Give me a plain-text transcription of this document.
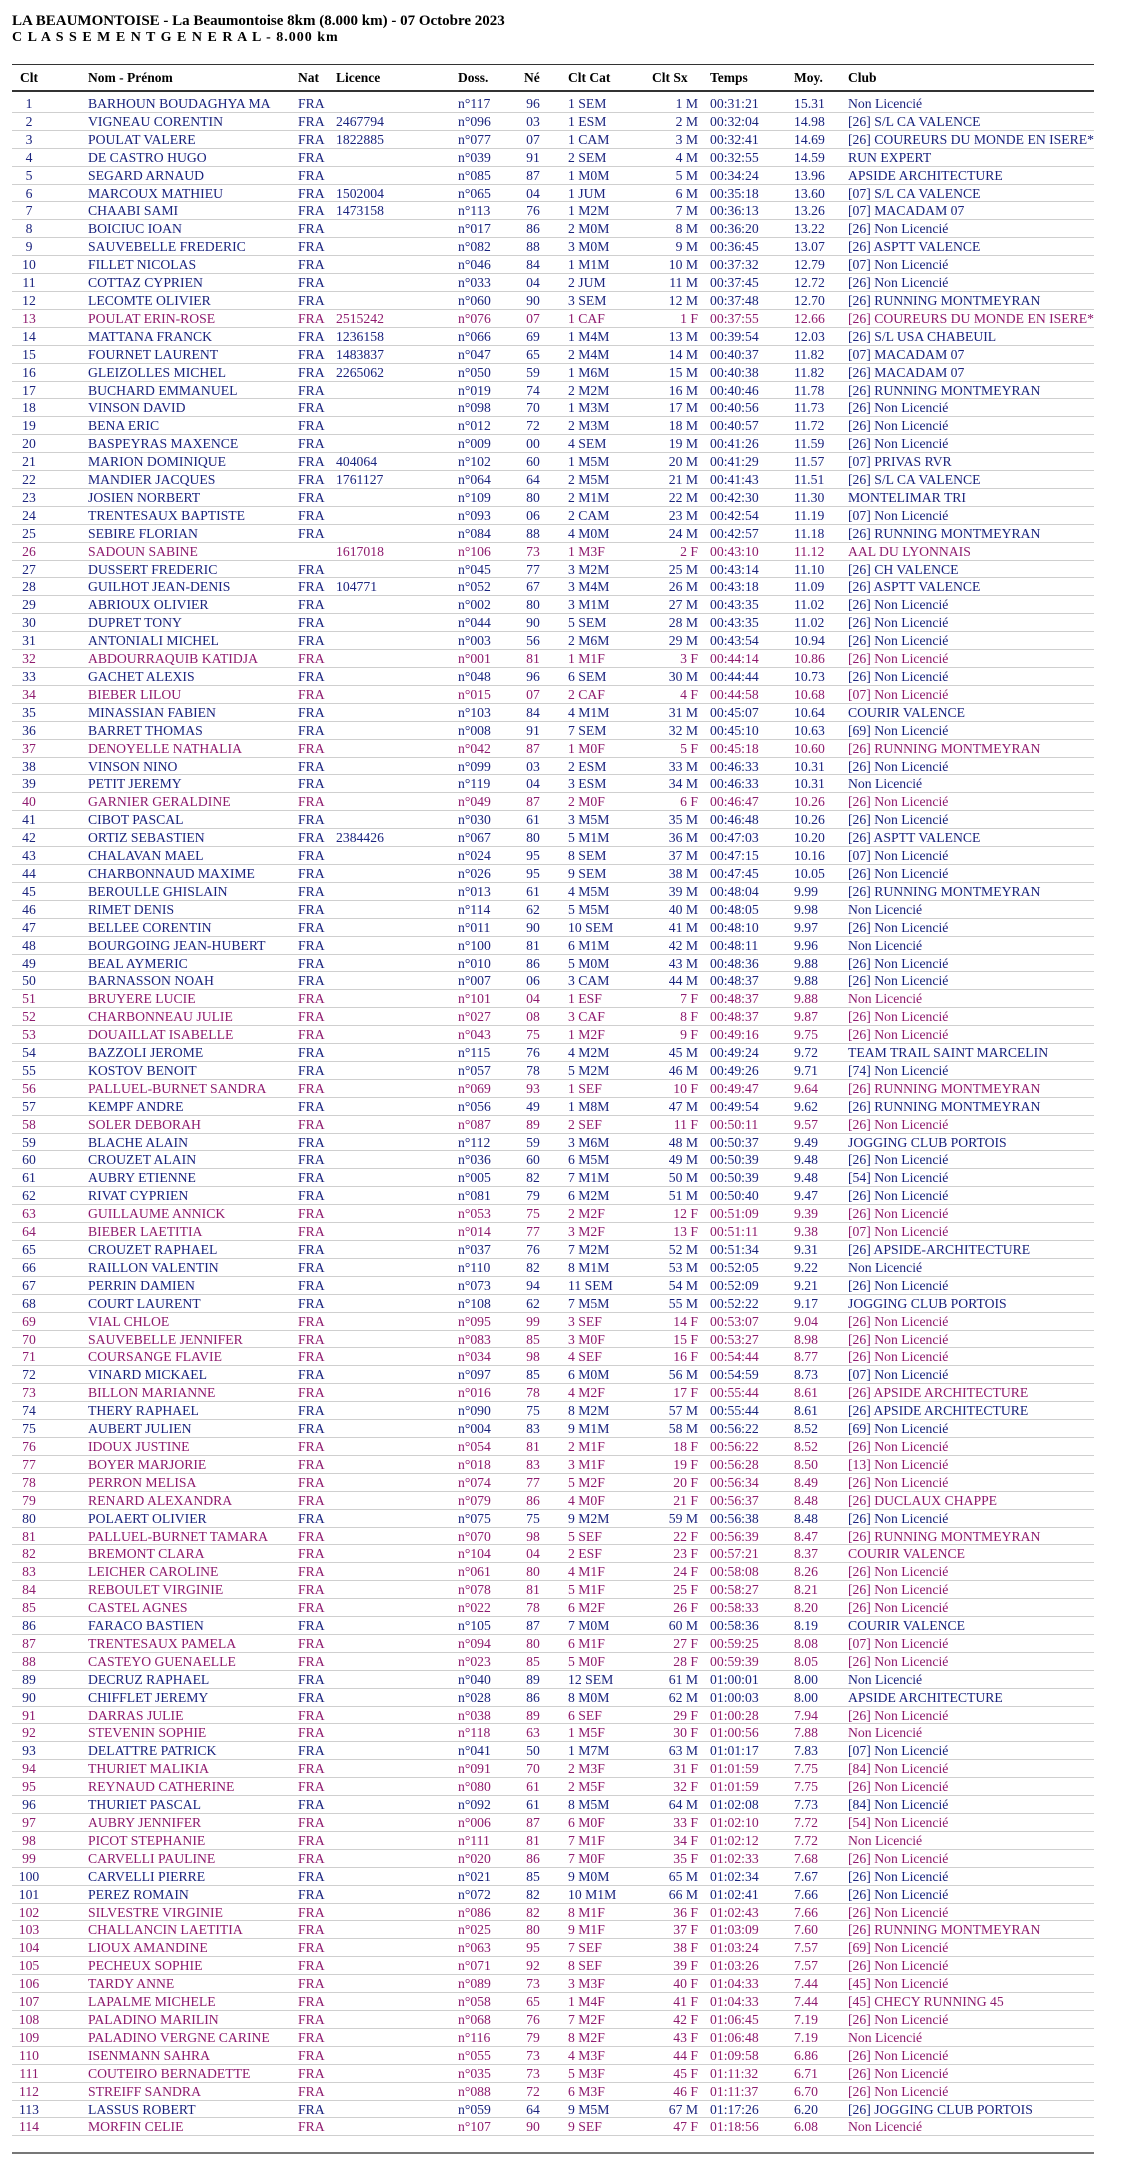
LA BEAUMONTOISE - La Beaumontoise 8km (8.000 km) - 07 Octobre 2023
C L A S S E M E N T G E N E R A L - 8.000 km
Clt	Nom - Prénom	Nat Licence	Doss.	Né Clt Cat	Clt Sx Temps	Moy. Club
1	BARHOUN BOUDAGHYA MA	FRA	n°117	96	1 SEM	1 M 00:31:21	15.31	Non Licencié
2	VIGNEAU CORENTIN	FRA 2467794	n°096	03	1 ESM	2 M 00:32:04	14.98	[26] S/L CA VALENCE
3	POULAT VALERE	FRA 1822885	n°077	07	1 CAM	3 M 00:32:41	14.69	[26] COUREURS DU MONDE EN ISERE*
4	DE CASTRO HUGO	FRA	n°039	91	2 SEM	4 M 00:32:55	14.59	RUN EXPERT
5	SEGARD ARNAUD	FRA	n°085	87	1 M0M	5 M 00:34:24	13.96	APSIDE ARCHITECTURE
6	MARCOUX MATHIEU	FRA 1502004	n°065	04	1 JUM	6 M 00:35:18	13.60	[07] S/L CA VALENCE
7	CHAABI SAMI	FRA 1473158	n°113	76	1 M2M	7 M 00:36:13	13.26	[07] MACADAM 07
8	BOICIUC IOAN	FRA	n°017	86	2 M0M	8 M 00:36:20	13.22	[26] Non Licencié
9	SAUVEBELLE FREDERIC	FRA	n°082	88	3 M0M	9 M 00:36:45	13.07	[26] ASPTT VALENCE
10	FILLET NICOLAS	FRA	n°046	84	1 M1M	10 M 00:37:32	12.79	[07] Non Licencié
11	COTTAZ CYPRIEN	FRA	n°033	04	2 JUM	11 M 00:37:45	12.72	[26] Non Licencié
12	LECOMTE OLIVIER	FRA	n°060	90	3 SEM	12 M 00:37:48	12.70	[26] RUNNING MONTMEYRAN
13	POULAT ERIN-ROSE	FRA 2515242	n°076	07	1 CAF	1 F 00:37:55	12.66	[26] COUREURS DU MONDE EN ISERE*
14	MATTANA FRANCK	FRA 1236158	n°066	69	1 M4M	13 M 00:39:54	12.03	[26] S/L USA CHABEUIL
15	FOURNET LAURENT	FRA 1483837	n°047	65	2 M4M	14 M 00:40:37	11.82	[07] MACADAM 07
16	GLEIZOLLES MICHEL	FRA 2265062	n°050	59	1 M6M	15 M 00:40:38	11.82	[26] MACADAM 07
17	BUCHARD EMMANUEL	FRA	n°019	74	2 M2M	16 M 00:40:46	11.78	[26] RUNNING MONTMEYRAN
18	VINSON DAVID	FRA	n°098	70	1 M3M	17 M 00:40:56	11.73	[26] Non Licencié
19	BENA ERIC	FRA	n°012	72	2 M3M	18 M 00:40:57	11.72	[26] Non Licencié
20	BASPEYRAS MAXENCE	FRA	n°009	00	4 SEM	19 M 00:41:26	11.59	[26] Non Licencié
21	MARION DOMINIQUE	FRA 404064	n°102	60	1 M5M	20 M 00:41:29	11.57	[07] PRIVAS RVR
22	MANDIER JACQUES	FRA 1761127	n°064	64	2 M5M	21 M 00:41:43	11.51	[26] S/L CA VALENCE
23	JOSIEN NORBERT	FRA	n°109	80	2 M1M	22 M 00:42:30	11.30	MONTELIMAR TRI
24	TRENTESAUX BAPTISTE	FRA	n°093	06	2 CAM	23 M 00:42:54	11.19	[07] Non Licencié
25	SEBIRE FLORIAN	FRA	n°084	88	4 M0M	24 M 00:42:57	11.18	[26] RUNNING MONTMEYRAN
26	SADOUN SABINE	1617018	n°106	73	1 M3F	2 F 00:43:10	11.12	AAL DU LYONNAIS
27	DUSSERT FREDERIC	FRA	n°045	77	3 M2M	25 M 00:43:14	11.10	[26] CH VALENCE
28	GUILHOT JEAN-DENIS	FRA 104771	n°052	67	3 M4M	26 M 00:43:18	11.09	[26] ASPTT VALENCE
29	ABRIOUX OLIVIER	FRA	n°002	80	3 M1M	27 M 00:43:35	11.02	[26] Non Licencié
30	DUPRET TONY	FRA	n°044	90	5 SEM	28 M 00:43:35	11.02	[26] Non Licencié
31	ANTONIALI MICHEL	FRA	n°003	56	2 M6M	29 M 00:43:54	10.94	[26] Non Licencié
32	ABDOURRAQUIB KATIDJA	FRA	n°001	81	1 M1F	3 F 00:44:14	10.86	[26] Non Licencié
33	GACHET ALEXIS	FRA	n°048	96	6 SEM	30 M 00:44:44	10.73	[26] Non Licencié
34	BIEBER LILOU	FRA	n°015	07	2 CAF	4 F 00:44:58	10.68	[07] Non Licencié
35	MINASSIAN FABIEN	FRA	n°103	84	4 M1M	31 M 00:45:07	10.64	COURIR VALENCE
36	BARRET THOMAS	FRA	n°008	91	7 SEM	32 M 00:45:10	10.63	[69] Non Licencié
37	DENOYELLE NATHALIA	FRA	n°042	87	1 M0F	5 F 00:45:18	10.60	[26] RUNNING MONTMEYRAN
38	VINSON NINO	FRA	n°099	03	2 ESM	33 M 00:46:33	10.31	[26] Non Licencié
39	PETIT JEREMY	FRA	n°119	04	3 ESM	34 M 00:46:33	10.31	Non Licencié
40	GARNIER GERALDINE	FRA	n°049	87	2 M0F	6 F 00:46:47	10.26	[26] Non Licencié
41	CIBOT PASCAL	FRA	n°030	61	3 M5M	35 M 00:46:48	10.26	[26] Non Licencié
42	ORTIZ SEBASTIEN	FRA 2384426	n°067	80	5 M1M	36 M 00:47:03	10.20	[26] ASPTT VALENCE
43	CHALAVAN MAEL	FRA	n°024	95	8 SEM	37 M 00:47:15	10.16	[07] Non Licencié
44	CHARBONNAUD MAXIME	FRA	n°026	95	9 SEM	38 M 00:47:45	10.05	[26] Non Licencié
45	BEROULLE GHISLAIN	FRA	n°013	61	4 M5M	39 M 00:48:04	9.99	[26] RUNNING MONTMEYRAN
46	RIMET DENIS	FRA	n°114	62	5 M5M	40 M 00:48:05	9.98	Non Licencié
47	BELLEE CORENTIN	FRA	n°011	90	10 SEM	41 M 00:48:10	9.97	[26] Non Licencié
48	BOURGOING JEAN-HUBERT	FRA	n°100	81	6 M1M	42 M 00:48:11	9.96	Non Licencié
49	BEAL AYMERIC	FRA	n°010	86	5 M0M	43 M 00:48:36	9.88	[26] Non Licencié
50	BARNASSON NOAH	FRA	n°007	06	3 CAM	44 M 00:48:37	9.88	[26] Non Licencié
51	BRUYERE LUCIE	FRA	n°101	04	1 ESF	7 F 00:48:37	9.88	Non Licencié
52	CHARBONNEAU JULIE	FRA	n°027	08	3 CAF	8 F 00:48:37	9.87	[26] Non Licencié
53	DOUAILLAT ISABELLE	FRA	n°043	75	1 M2F	9 F 00:49:16	9.75	[26] Non Licencié
54	BAZZOLI JEROME	FRA	n°115	76	4 M2M	45 M 00:49:24	9.72	TEAM TRAIL SAINT MARCELIN
55	KOSTOV BENOIT	FRA	n°057	78	5 M2M	46 M 00:49:26	9.71	[74] Non Licencié
56	PALLUEL-BURNET SANDRA	FRA	n°069	93	1 SEF	10 F 00:49:47	9.64	[26] RUNNING MONTMEYRAN
57	KEMPF ANDRE	FRA	n°056	49	1 M8M	47 M 00:49:54	9.62	[26] RUNNING MONTMEYRAN
58	SOLER DEBORAH	FRA	n°087	89	2 SEF	11 F 00:50:11	9.57	[26] Non Licencié
59	BLACHE ALAIN	FRA	n°112	59	3 M6M	48 M 00:50:37	9.49	JOGGING CLUB PORTOIS
60	CROUZET ALAIN	FRA	n°036	60	6 M5M	49 M 00:50:39	9.48	[26] Non Licencié
61	AUBRY ETIENNE	FRA	n°005	82	7 M1M	50 M 00:50:39	9.48	[54] Non Licencié
62	RIVAT CYPRIEN	FRA	n°081	79	6 M2M	51 M 00:50:40	9.47	[26] Non Licencié
63	GUILLAUME ANNICK	FRA	n°053	75	2 M2F	12 F 00:51:09	9.39	[26] Non Licencié
64	BIEBER LAETITIA	FRA	n°014	77	3 M2F	13 F 00:51:11	9.38	[07] Non Licencié
65	CROUZET RAPHAEL	FRA	n°037	76	7 M2M	52 M 00:51:34	9.31	[26] APSIDE-ARCHITECTURE
66	RAILLON VALENTIN	FRA	n°110	82	8 M1M	53 M 00:52:05	9.22	Non Licencié
67	PERRIN DAMIEN	FRA	n°073	94	11 SEM	54 M 00:52:09	9.21	[26] Non Licencié
68	COURT LAURENT	FRA	n°108	62	7 M5M	55 M 00:52:22	9.17	JOGGING CLUB PORTOIS
69	VIAL CHLOE	FRA	n°095	99	3 SEF	14 F 00:53:07	9.04	[26] Non Licencié
70	SAUVEBELLE JENNIFER	FRA	n°083	85	3 M0F	15 F 00:53:27	8.98	[26] Non Licencié
71	COURSANGE FLAVIE	FRA	n°034	98	4 SEF	16 F 00:54:44	8.77	[26] Non Licencié
72	VINARD MICKAEL	FRA	n°097	85	6 M0M	56 M 00:54:59	8.73	[07] Non Licencié
73	BILLON MARIANNE	FRA	n°016	78	4 M2F	17 F 00:55:44	8.61	[26] APSIDE ARCHITECTURE
74	THERY RAPHAEL	FRA	n°090	75	8 M2M	57 M 00:55:44	8.61	[26] APSIDE ARCHITECTURE
75	AUBERT JULIEN	FRA	n°004	83	9 M1M	58 M 00:56:22	8.52	[69] Non Licencié
76	IDOUX JUSTINE	FRA	n°054	81	2 M1F	18 F 00:56:22	8.52	[26] Non Licencié
77	BOYER MARJORIE	FRA	n°018	83	3 M1F	19 F 00:56:28	8.50	[13] Non Licencié
78	PERRON MELISA	FRA	n°074	77	5 M2F	20 F 00:56:34	8.49	[26] Non Licencié
79	RENARD ALEXANDRA	FRA	n°079	86	4 M0F	21 F 00:56:37	8.48	[26] DUCLAUX CHAPPE
80	POLAERT OLIVIER	FRA	n°075	75	9 M2M	59 M 00:56:38	8.48	[26] Non Licencié
81	PALLUEL-BURNET TAMARA	FRA	n°070	98	5 SEF	22 F 00:56:39	8.47	[26] RUNNING MONTMEYRAN
82	BREMONT CLARA	FRA	n°104	04	2 ESF	23 F 00:57:21	8.37	COURIR VALENCE
83	LEICHER CAROLINE	FRA	n°061	80	4 M1F	24 F 00:58:08	8.26	[26] Non Licencié
84	REBOULET VIRGINIE	FRA	n°078	81	5 M1F	25 F 00:58:27	8.21	[26] Non Licencié
85	CASTEL AGNES	FRA	n°022	78	6 M2F	26 F 00:58:33	8.20	[26] Non Licencié
86	FARACO BASTIEN	FRA	n°105	87	7 M0M	60 M 00:58:36	8.19	COURIR VALENCE
87	TRENTESAUX PAMELA	FRA	n°094	80	6 M1F	27 F 00:59:25	8.08	[07] Non Licencié
88	CASTEYO GUENAELLE	FRA	n°023	85	5 M0F	28 F 00:59:39	8.05	[26] Non Licencié
89	DECRUZ RAPHAEL	FRA	n°040	89	12 SEM	61 M 01:00:01	8.00	Non Licencié
90	CHIFFLET JEREMY	FRA	n°028	86	8 M0M	62 M 01:00:03	8.00	APSIDE ARCHITECTURE
91	DARRAS JULIE	FRA	n°038	89	6 SEF	29 F 01:00:28	7.94	[26] Non Licencié
92	STEVENIN SOPHIE	FRA	n°118	63	1 M5F	30 F 01:00:56	7.88	Non Licencié
93	DELATTRE PATRICK	FRA	n°041	50	1 M7M	63 M 01:01:17	7.83	[07] Non Licencié
94	THURIET MALIKIA	FRA	n°091	70	2 M3F	31 F 01:01:59	7.75	[84] Non Licencié
95	REYNAUD CATHERINE	FRA	n°080	61	2 M5F	32 F 01:01:59	7.75	[26] Non Licencié
96	THURIET PASCAL	FRA	n°092	61	8 M5M	64 M 01:02:08	7.73	[84] Non Licencié
97	AUBRY JENNIFER	FRA	n°006	87	6 M0F	33 F 01:02:10	7.72	[54] Non Licencié
98	PICOT STEPHANIE	FRA	n°111	81	7 M1F	34 F 01:02:12	7.72	Non Licencié
99	CARVELLI PAULINE	FRA	n°020	86	7 M0F	35 F 01:02:33	7.68	[26] Non Licencié
100	CARVELLI PIERRE	FRA	n°021	85	9 M0M	65 M 01:02:34	7.67	[26] Non Licencié
101	PEREZ ROMAIN	FRA	n°072	82	10 M1M	66 M 01:02:41	7.66	[26] Non Licencié
102	SILVESTRE VIRGINIE	FRA	n°086	82	8 M1F	36 F 01:02:43	7.66	[26] Non Licencié
103	CHALLANCIN LAETITIA	FRA	n°025	80	9 M1F	37 F 01:03:09	7.60	[26] RUNNING MONTMEYRAN
104	LIOUX AMANDINE	FRA	n°063	95	7 SEF	38 F 01:03:24	7.57	[69] Non Licencié
105	PECHEUX SOPHIE	FRA	n°071	92	8 SEF	39 F 01:03:26	7.57	[26] Non Licencié
106	TARDY ANNE	FRA	n°089	73	3 M3F	40 F 01:04:33	7.44	[45] Non Licencié
107	LAPALME MICHELE	FRA	n°058	65	1 M4F	41 F 01:04:33	7.44	[45] CHECY RUNNING 45
108	PALADINO MARILIN	FRA	n°068	76	7 M2F	42 F 01:06:45	7.19	[26] Non Licencié
109	PALADINO VERGNE CARINE	FRA	n°116	79	8 M2F	43 F 01:06:48	7.19	Non Licencié
110	ISENMANN SAHRA	FRA	n°055	73	4 M3F	44 F 01:09:58	6.86	[26] Non Licencié
111	COUTEIRO BERNADETTE	FRA	n°035	73	5 M3F	45 F 01:11:32	6.71	[26] Non Licencié
112	STREIFF SANDRA	FRA	n°088	72	6 M3F	46 F 01:11:37	6.70	[26] Non Licencié
113	LASSUS ROBERT	FRA	n°059	64	9 M5M	67 M 01:17:26	6.20	[26] JOGGING CLUB PORTOIS
114	MORFIN CELIE	FRA	n°107	90	9 SEF	47 F 01:18:56	6.08	Non Licencié
